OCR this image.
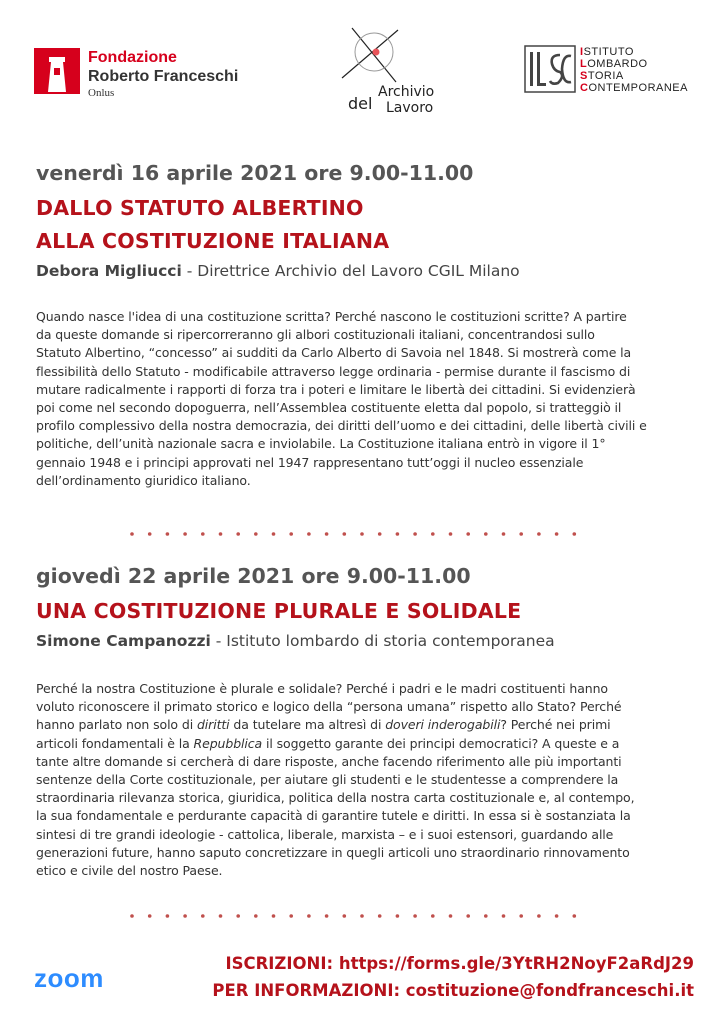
Fondazione
Roberto Franceschi
Onlus
del
Archivio
Lavoro
ISTITUTO
LOMBARDO
STORIA
CONTEMPORANEA
venerdì 16 aprile 2021 ore 9.00-11.00
DALLO STATUTO ALBERTINO
ALLA COSTITUZIONE ITALIANA
Debora Migliucci - Direttrice Archivio del Lavoro CGIL Milano
Quando nasce l'idea di una costituzione scritta? Perché nascono le costituzioni scritte? A partire
da queste domande si ripercorreranno gli albori costituzionali italiani, concentrandosi sullo
Statuto Albertino, “concesso” ai sudditi da Carlo Alberto di Savoia nel 1848. Si mostrerà come la
flessibilità dello Statuto - modificabile attraverso legge ordinaria - permise durante il fascismo di
mutare radicalmente i rapporti di forza tra i poteri e limitare le libertà dei cittadini. Si evidenzierà
poi come nel secondo dopoguerra, nell’Assemblea costituente eletta dal popolo, si tratteggiò il
profilo complessivo della nostra democrazia, dei diritti dell’uomo e dei cittadini, delle libertà civili e
politiche, dell’unità nazionale sacra e inviolabile. La Costituzione italiana entrò in vigore il 1°
gennaio 1948 e i principi approvati nel 1947 rappresentano tutt’oggi il nucleo essenziale
dell’ordinamento giuridico italiano.
giovedì 22 aprile 2021 ore 9.00-11.00
UNA COSTITUZIONE PLURALE E SOLIDALE
Simone Campanozzi - Istituto lombardo di storia contemporanea
Perché la nostra Costituzione è plurale e solidale? Perché i padri e le madri costituenti hanno
voluto riconoscere il primato storico e logico della “persona umana” rispetto allo Stato? Perché
hanno parlato non solo di diritti da tutelare ma altresì di doveri inderogabili? Perché nei primi
articoli fondamentali è la Repubblica il soggetto garante dei principi democratici? A queste e a
tante altre domande si cercherà di dare risposte, anche facendo riferimento alle più importanti
sentenze della Corte costituzionale, per aiutare gli studenti e le studentesse a comprendere la
straordinaria rilevanza storica, giuridica, politica della nostra carta costituzionale e, al contempo,
la sua fondamentale e perdurante capacità di garantire tutele e diritti. In essa si è sostanziata la
sintesi di tre grandi ideologie - cattolica, liberale, marxista – e i suoi estensori, guardando alle
generazioni future, hanno saputo concretizzare in quegli articoli uno straordinario rinnovamento
etico e civile del nostro Paese.
zoom	ISCRIZIONI: https://forms.gle/3YtRH2NoyF2aRdJ29
PER INFORMAZIONI: costituzione@fondfranceschi.it
